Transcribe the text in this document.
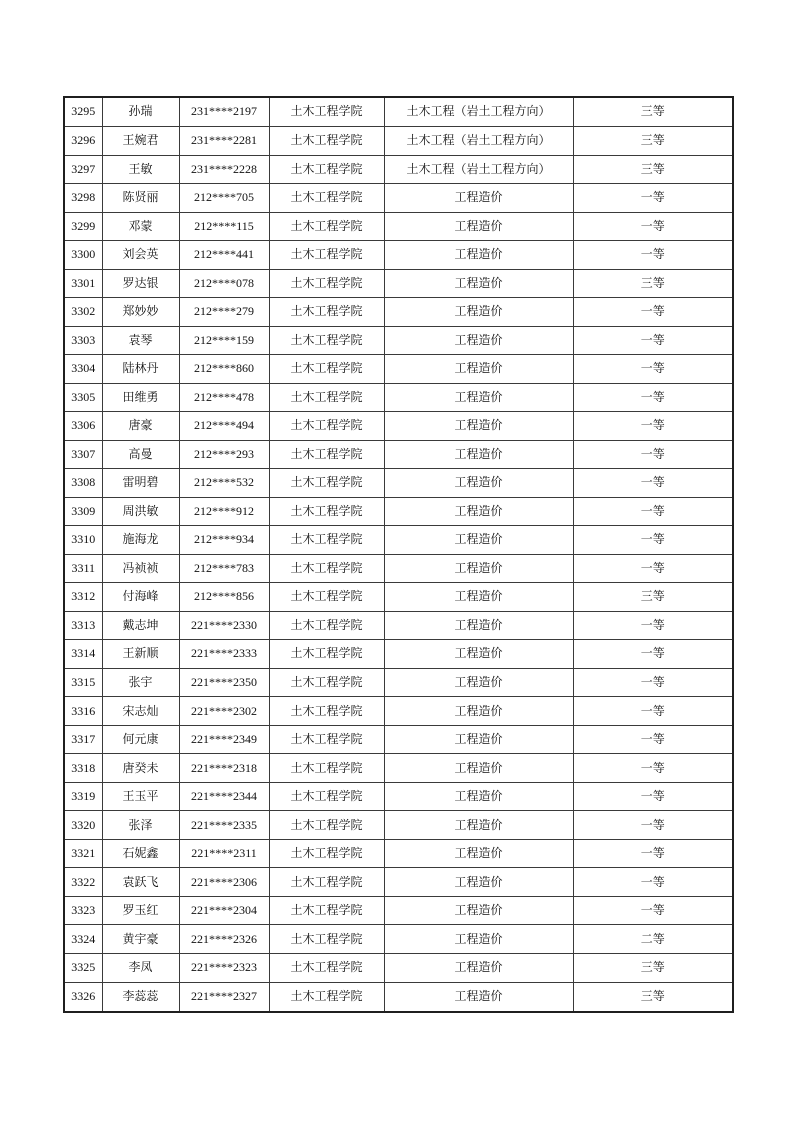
3295	孙瑞	231****2197	土木工程学院	土木工程（岩土工程方向）	三等
3296	王婉君	231****2281	土木工程学院	土木工程（岩土工程方向）	三等
3297	王敏	231****2228	土木工程学院	土木工程（岩土工程方向）	三等
3298	陈贤丽	212****705	土木工程学院	工程造价	一等
3299	邓蒙	212****115	土木工程学院	工程造价	一等
3300	刘会英	212****441	土木工程学院	工程造价	一等
3301	罗达银	212****078	土木工程学院	工程造价	三等
3302	郑妙妙	212****279	土木工程学院	工程造价	一等
3303	袁琴	212****159	土木工程学院	工程造价	一等
3304	陆林丹	212****860	土木工程学院	工程造价	一等
3305	田维勇	212****478	土木工程学院	工程造价	一等
3306	唐豪	212****494	土木工程学院	工程造价	一等
3307	高曼	212****293	土木工程学院	工程造价	一等
3308	雷明碧	212****532	土木工程学院	工程造价	一等
3309	周洪敏	212****912	土木工程学院	工程造价	一等
3310	施海龙	212****934	土木工程学院	工程造价	一等
3311	冯祯祯	212****783	土木工程学院	工程造价	一等
3312	付海峰	212****856	土木工程学院	工程造价	三等
3313	戴志坤	221****2330	土木工程学院	工程造价	一等
3314	王新顺	221****2333	土木工程学院	工程造价	一等
3315	张宇	221****2350	土木工程学院	工程造价	一等
3316	宋志灿	221****2302	土木工程学院	工程造价	一等
3317	何元康	221****2349	土木工程学院	工程造价	一等
3318	唐癸未	221****2318	土木工程学院	工程造价	一等
3319	王玉平	221****2344	土木工程学院	工程造价	一等
3320	张泽	221****2335	土木工程学院	工程造价	一等
3321	石妮鑫	221****2311	土木工程学院	工程造价	一等
3322	袁跃飞	221****2306	土木工程学院	工程造价	一等
3323	罗玉红	221****2304	土木工程学院	工程造价	一等
3324	黄宇豪	221****2326	土木工程学院	工程造价	二等
3325	李凤	221****2323	土木工程学院	工程造价	三等
3326	李蕊蕊	221****2327	土木工程学院	工程造价	三等
